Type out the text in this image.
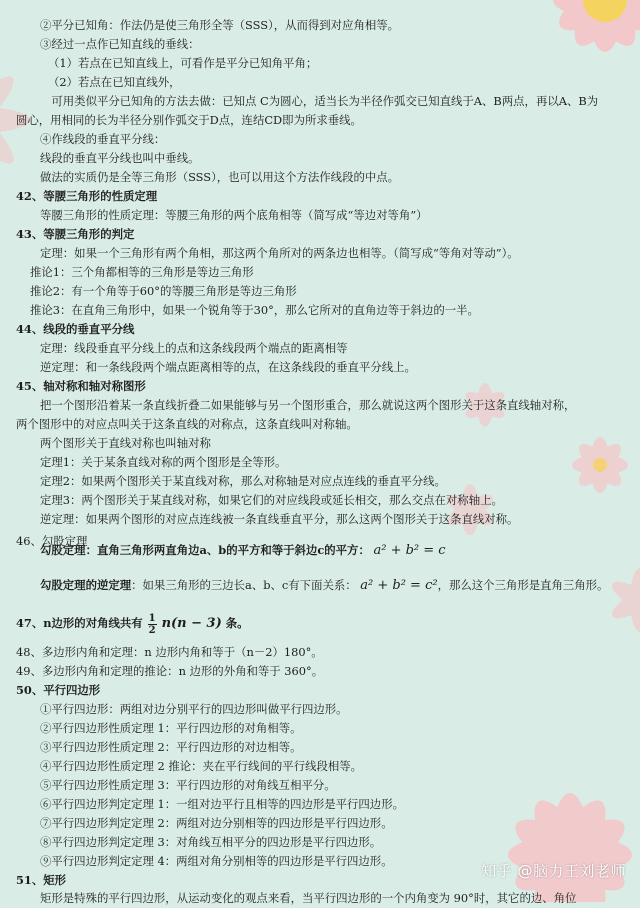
②平分已知角：作法仍是使三角形全等（SSS），从而得到对应角相等。
③经过一点作已知直线的垂线：
（1）若点在已知直线上，可看作是平分已知角平角；
（2）若点在已知直线外，
　可用类似平分已知角的方法去做：已知点 C为圆心，适当长为半径作弧交已知直线于A、B两点，再以A、B为
圆心，用相同的长为半径分别作弧交于D点，连结CD即为所求垂线。
④作线段的垂直平分线：
线段的垂直平分线也叫中垂线。
做法的实质仍是全等三角形（SSS），也可以用这个方法作线段的中点。
42、等腰三角形的性质定理
等腰三角形的性质定理：等腰三角形的两个底角相等（简写成“等边对等角”）
43、等腰三角形的判定
定理：如果一个三角形有两个角相，那这两个角所对的两条边也相等。（简写成“等角对等动”）。
推论1：三个角都相等的三角形是等边三角形
推论2：有一个角等于60°的等腰三角形是等边三角形
推论3：在直角三角形中，如果一个锐角等于30°，那么它所对的直角边等于斜边的一半。
44、线段的垂直平分线
定理：线段垂直平分线上的点和这条线段两个端点的距离相等
逆定理：和一条线段两个端点距离相等的点，在这条线段的垂直平分线上。
45、轴对称和轴对称图形
把一个图形沿着某一条直线折叠二如果能够与另一个图形重合，那么就说这两个图形关于这条直线轴对称，
两个图形中的对应点叫关于这条直线的对称点，这条直线叫对称轴。
两个图形关于直线对称也叫轴对称
定理1：关于某条直线对称的两个图形是全等形。
定理2：如果两个图形关于某直线对称，那么对称轴是对应点连线的垂直平分线。
定理3：两个图形关于某直线对称，如果它们的对应线段或延长相交，那么交点在对称轴上。
逆定理：如果两个图形的对应点连线被一条直线垂直平分，那么这两个图形关于这条直线对称。
46、勾股定理
勾股定理：直角三角形两直角边a、b的平方和等于斜边c的平方： a² + b² = c
勾股定理的逆定理：如果三角形的三边长a、b、c有下面关系： a² + b² = c²，那么这个三角形是直角三角形。
47、n边形的对角线共有 $\frac{1}{2} n(n - 3)$ 条。
48、多边形内角和定理：n 边形内角和等于（n－2）180°。
49、多边形内角和定理的推论：n 边形的外角和等于 360°。
50、平行四边形
①平行四边形：两组对边分别平行的四边形叫做平行四边形。
②平行四边形性质定理 1：平行四边形的对角相等。
③平行四边形性质定理 2：平行四边形的对边相等。
④平行四边形性质定理 2 推论：夹在平行线间的平行线段相等。
⑤平行四边形性质定理 3：平行四边形的对角线互相平分。
⑥平行四边形判定定理 1：一组对边平行且相等的四边形是平行四边形。
⑦平行四边形判定定理 2：两组对边分别相等的四边形是平行四边形。
⑧平行四边形判定定理 3：对角线互相平分的四边形是平行四边形。
⑨平行四边形判定定理 4：两组对角分别相等的四边形是平行四边形。
51、矩形
矩形是特殊的平行四边形，从运动变化的观点来看，当平行四边形的一个内角变为 90°时，其它的边、角位
知乎 @脑力王刘老师
